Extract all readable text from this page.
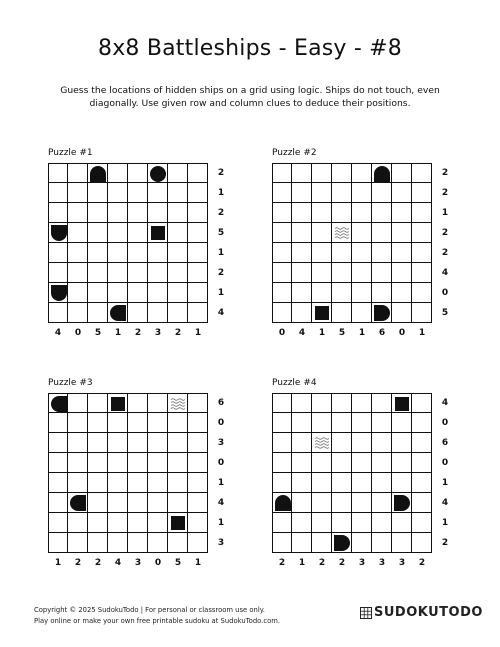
8x8 Battleships - Easy - #8
Guess the locations of hidden ships on a grid using logic. Ships do not touch, even
diagonally. Use given row and column clues to deduce their positions.
Puzzle #1
2
1
2
5
1
2
1
4
4	0	5	1	2	3	2	1
Puzzle #2
2
2
1
2
2
4
0
5
0	4	1	5	1	6	0	1
Puzzle #3
6
0
3
0
1
4
1
3
1	2	2	4	3	0	5	1
Puzzle #4
4
0
6
0
1
4
1
2
2	1	2	2	3	3	3	2
Copyright © 2025 SudokuTodo | For personal or classroom use only.
Play online or make your own free printable sudoku at SudokuTodo.com.
SUDOKUTODO
